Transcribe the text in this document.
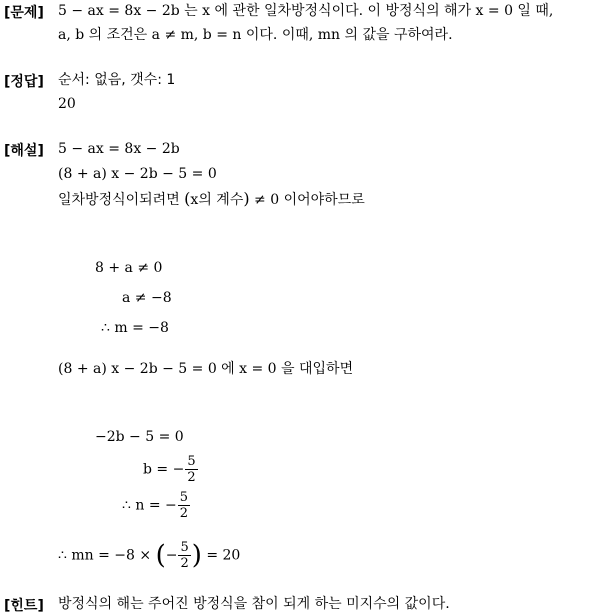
[문제]
[정답]
[해설]
[힌트]
5 − ax = 8x − 2b 는 x 에 관한 일차방정식이다. 이 방정식의 해가 x = 0 일 때,
a, b 의 조건은 a ≠ m, b = n 이다. 이때, mn 의 값을 구하여라.
순서: 없음, 갯수: 1
20
5 − ax = 8x − 2b
(8 + a) x − 2b − 5 = 0
일차방정식이되려면 (x의 계수) ≠ 0 이어야하므로
8 + a ≠ 0
a ≠ −8
∴ m = −8
(8 + a) x − 2b − 5 = 0 에 x = 0 을 대입하면
−2b − 5 = 0
b = − $\frac{5}{2}$
∴ n = − $\frac{5}{2}$
∴ mn = −8 × (− $\frac{5}{2}$ ) = 20
방정식의 해는 주어진 방정식을 참이 되게 하는 미지수의 값이다.
